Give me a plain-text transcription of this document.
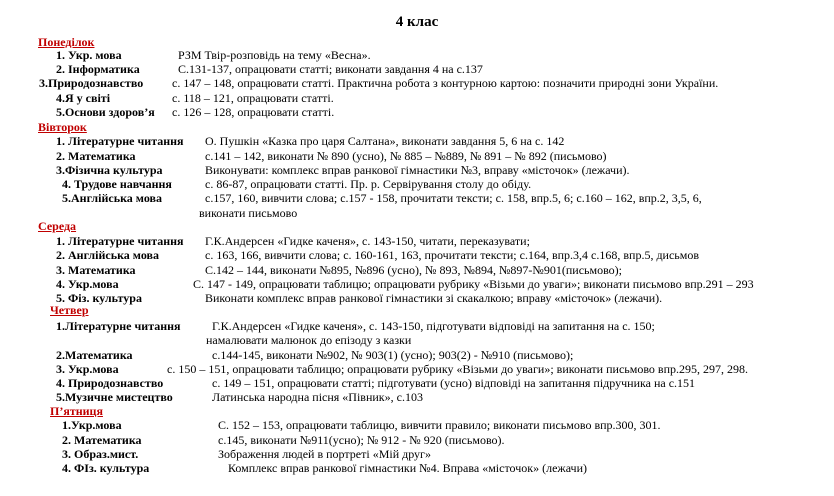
4 клас
Понеділок
1. Укр. мова	РЗМ Твір-розповідь на тему «Весна».
2. Інформатика	С.131-137, опрацювати статті; виконати завдання 4 на с.137
3.Природознавство с. 147 – 148, опрацювати статті. Практична робота з контурною картою: позначити природні зони України.
4.Я у світі	с. 118 – 121, опрацювати статті.
5.Основи здоров’я с. 126 – 128, опрацювати статті.
Вівторок
1. Літературне читання О. Пушкін «Казка про царя Салтана», виконати завдання 5, 6 на с. 142
2. Математика	с.141 – 142, виконати № 890 (усно), № 885 – №889, № 891 – № 892 (письмово)
3.Фізична культура	Виконувати: комплекс вправ ранкової гімнастики №3, вправу «місточок» (лежачи).
4. Трудове навчання	с. 86-87, опрацювати статті. Пр. р. Сервірування столу до обіду.
5.Англійська мова	с.157, 160, вивчити слова; с.157 - 158, прочитати тексти; с. 158, впр.5, 6; с.160 – 162, впр.2, 3,5, 6,
виконати письмово
Середа
1. Літературне читання Г.К.Андерсен «Гидке каченя», с. 143-150, читати, переказувати;
2. Англійська мова	с. 163, 166, вивчити слова; с. 160-161, 163, прочитати тексти; с.164, впр.3,4 с.168, впр.5, дисьмов
3. Математика	С.142 – 144, виконати №895, №896 (усно), № 893, №894, №897-№901(письмово);
4. Укр.мова	С. 147 - 149, опрацювати таблицю; опрацювати рубрику «Візьми до уваги»; виконати письмово впр.291 – 293
5. Фіз. культура	Виконати комплекс вправ ранкової гімнастики зі скакалкою; вправу «місточок» (лежачи).
Четвер
1.Літературне читання	Г.К.Андерсен «Гидке каченя», с. 143-150, підготувати відповіді на запитання на с. 150;
намалювати малюнок до епізоду з казки
2.Математика	с.144-145, виконати №902, № 903(1) (усно); 903(2) - №910 (письмово);
3. Укр.мова	с. 150 – 151, опрацювати таблицю; опрацювати рубрику «Візьми до уваги»; виконати письмово впр.295, 297, 298.
4. Природознавство	с. 149 – 151, опрацювати статті; підготувати (усно) відповіді на запитання підручника на с.151
5.Музичне мистецтво	Латинська народна пісня «Півник», с.103
П’ятниця
1.Укр.мова	С. 152 – 153, опрацювати таблицю, вивчити правило; виконати письмово впр.300, 301.
2. Математика	с.145, виконати №911(усно); № 912 - № 920 (письмово).
3. Образ.мист.	Зображення людей в портреті «Мій друг»
4. ФІз. культура	Комплекс вправ ранкової гімнастики №4. Вправа «місточок» (лежачи)
